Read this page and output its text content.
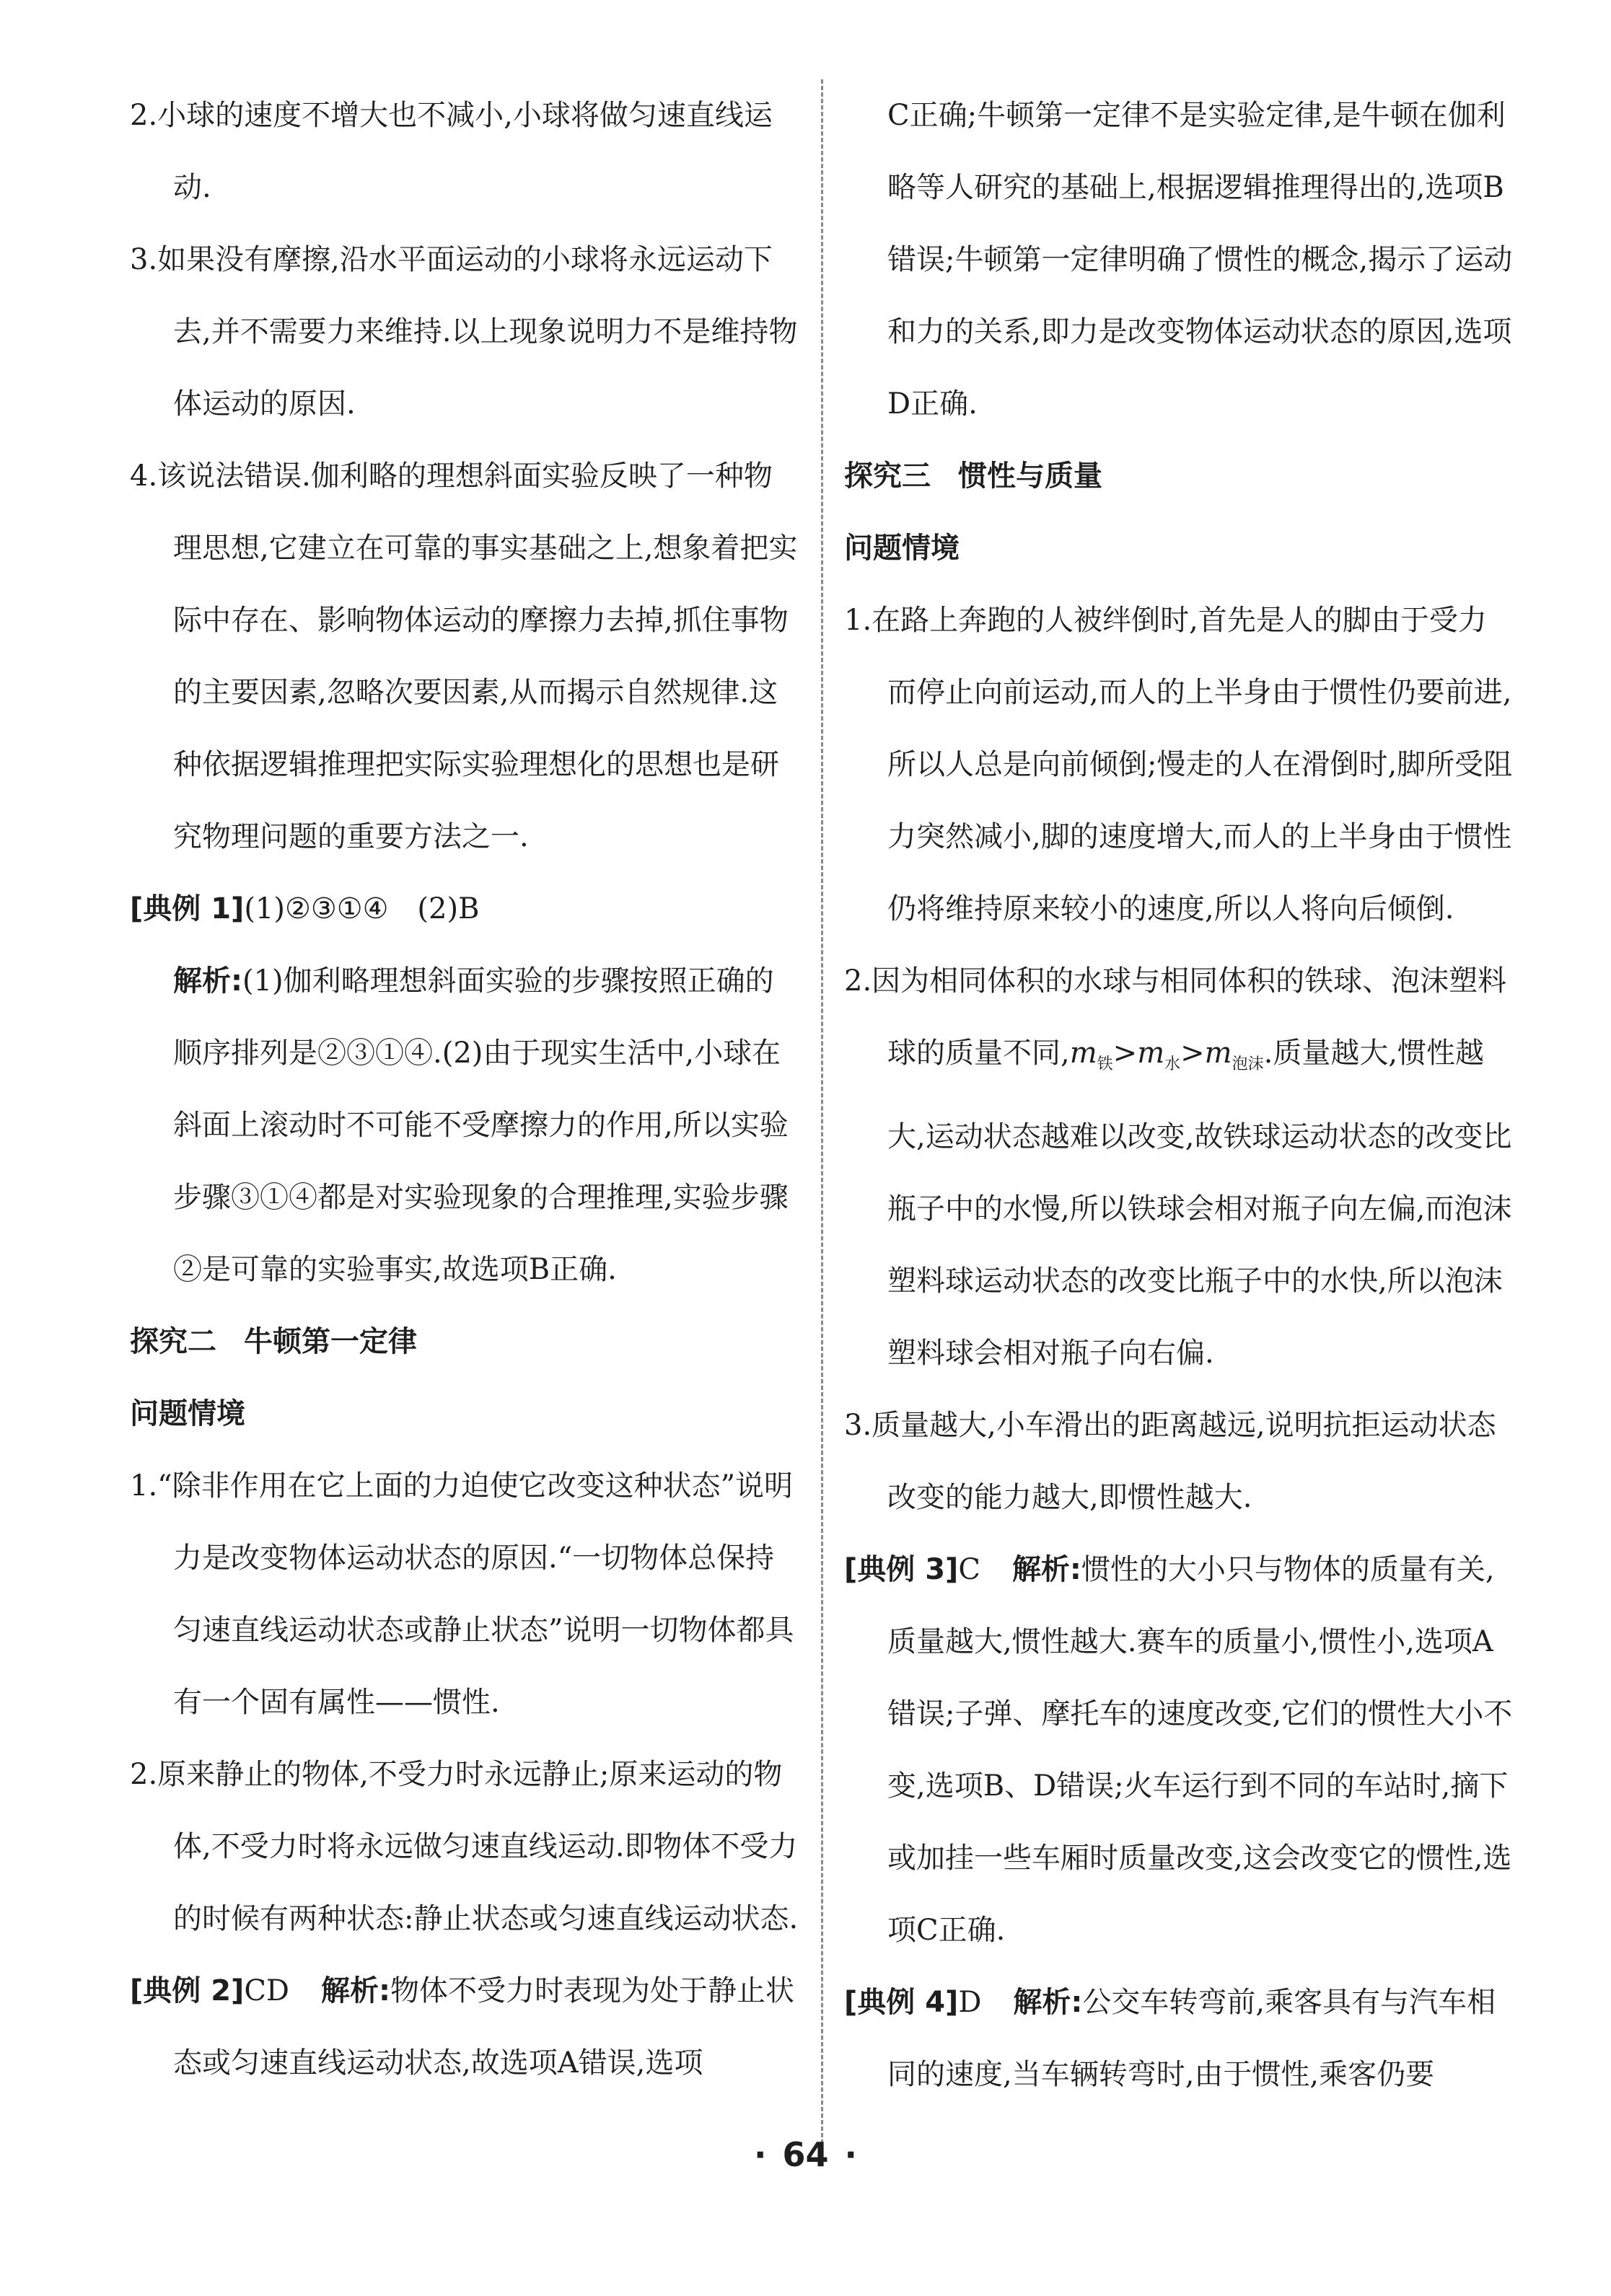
2.小球的速度不增大也不减小,小球将做匀速直线运动.

3.如果没有摩擦,沿水平面运动的小球将永远运动下去,并不需要力来维持.以上现象说明力不是维持物体运动的原因.

4.该说法错误.伽利略的理想斜面实验反映了一种物理思想,它建立在可靠的事实基础之上,想象着把实际中存在、影响物体运动的摩擦力去掉,抓住事物的主要因素,忽略次要因素,从而揭示自然规律.这种依据逻辑推理把实际实验理想化的思想也是研究物理问题的重要方法之一.

[典例 1](1)②③①④　(2)B

解析:(1)伽利略理想斜面实验的步骤按照正确的顺序排列是②③①④.(2)由于现实生活中,小球在斜面上滚动时不可能不受摩擦力的作用,所以实验步骤③①④都是对实验现象的合理推理,实验步骤②是可靠的实验事实,故选项B正确.

探究二 牛顿第一定律

问题情境

1.“除非作用在它上面的力迫使它改变这种状态”说明力是改变物体运动状态的原因.“一切物体总保持匀速直线运动状态或静止状态”说明一切物体都具有一个固有属性——惯性.

2.原来静止的物体,不受力时永远静止;原来运动的物体,不受力时将永远做匀速直线运动.即物体不受力的时候有两种状态:静止状态或匀速直线运动状态.

[典例 2]CD 解析:物体不受力时表现为处于静止状态或匀速直线运动状态,故选项A错误,选项

C正确;牛顿第一定律不是实验定律,是牛顿在伽利略等人研究的基础上,根据逻辑推理得出的,选项B错误;牛顿第一定律明确了惯性的概念,揭示了运动和力的关系,即力是改变物体运动状态的原因,选项D正确.

探究三 惯性与质量

问题情境

1.在路上奔跑的人被绊倒时,首先是人的脚由于受力而停止向前运动,而人的上半身由于惯性仍要前进,所以人总是向前倾倒;慢走的人在滑倒时,脚所受阻力突然减小,脚的速度增大,而人的上半身由于惯性仍将维持原来较小的速度,所以人将向后倾倒.

2.因为相同体积的水球与相同体积的铁球、泡沫塑料球的质量不同$,m_铁>m_水>m_{泡沫}$.质量越大,惯性越大,运动状态越难以改变,故铁球运动状态的改变比瓶子中的水慢,所以铁球会相对瓶子向左偏,而泡沫塑料球运动状态的改变比瓶子中的水快,所以泡沫塑料球会相对瓶子向右偏.

3.质量越大,小车滑出的距离越远,说明抗拒运动状态改变的能力越大,即惯性越大.

[典例 3]C 解析:惯性的大小只与物体的质量有关,质量越大,惯性越大.赛车的质量小,惯性小,选项A错误;子弹、摩托车的速度改变,它们的惯性大小不变,选项B、D错误;火车运行到不同的车站时,摘下或加挂一些车厢时质量改变,这会改变它的惯性,选项C正确.

[典例 4]D 解析:公交车转弯前,乘客具有与汽车相同的速度,当车辆转弯时,由于惯性,乘客仍要

· 64 ·
